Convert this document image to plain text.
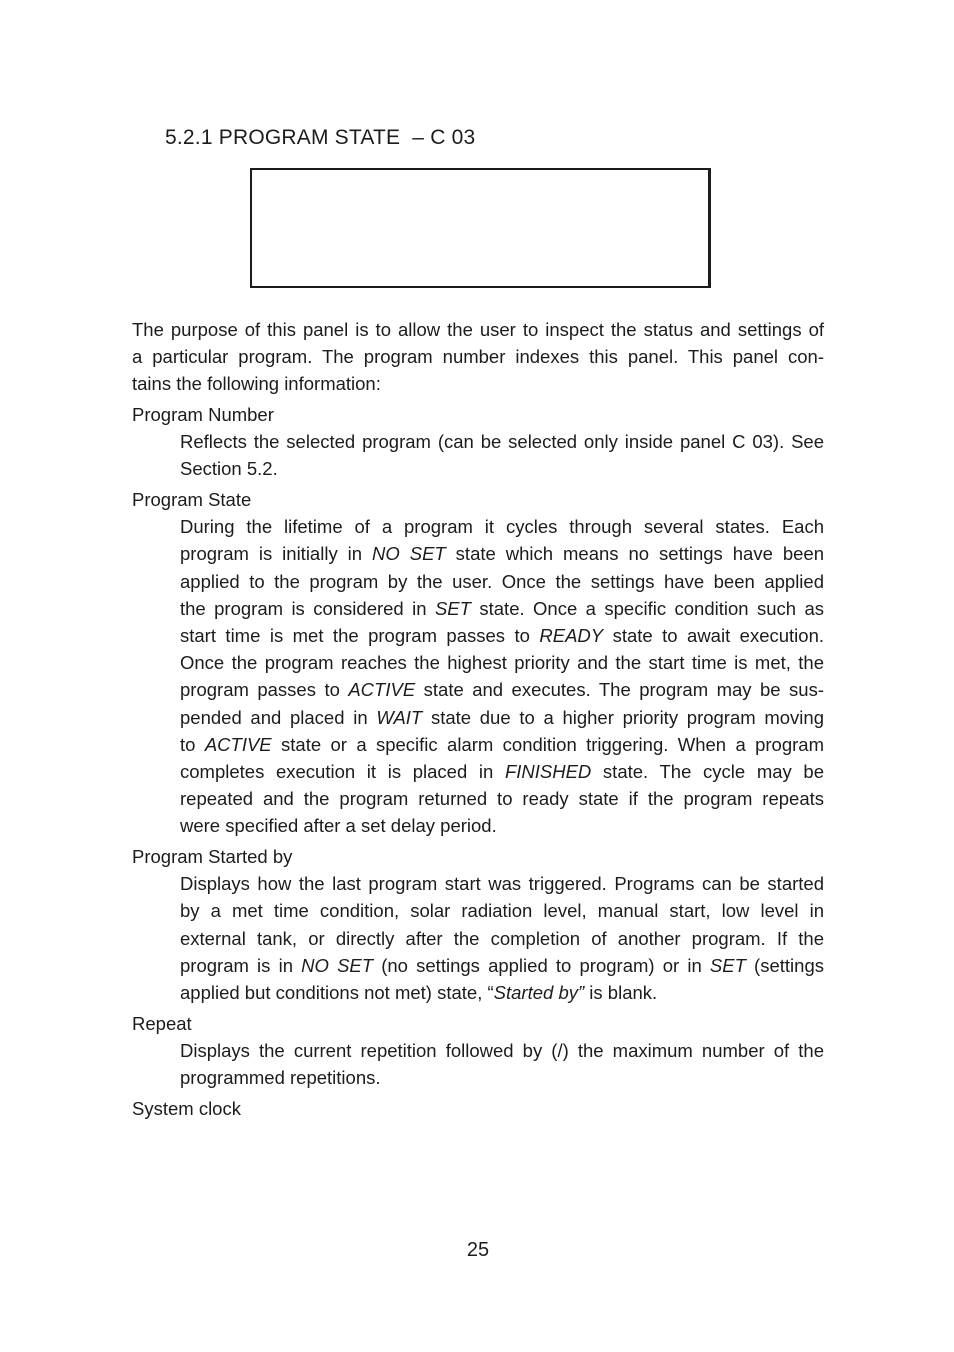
5.2.1 PROGRAM STATE  – C 03
The purpose of this panel is to allow the user to inspect the status and settings of
a particular program. The program number indexes this panel. This panel con-
tains the following information:
Program Number
Reflects the selected program (can be selected only inside panel C 03). See
Section 5.2.
Program State
During the lifetime of a program it cycles through several states. Each
program is initially in NO SET state which means no settings have been
applied to the program by the user. Once the settings have been applied
the program is considered in SET state. Once a specific condition such as
start time is met the program passes to READY state to await execution.
Once the program reaches the highest priority and the start time is met, the
program passes to ACTIVE state and executes. The program may be sus-
pended and placed in WAIT state due to a higher priority program moving
to ACTIVE state or a specific alarm condition triggering. When a program
completes execution it is placed in FINISHED state. The cycle may be
repeated and the program returned to ready state if the program repeats
were specified after a set delay period.
Program Started by
Displays how the last program start was triggered. Programs can be started
by a met time condition, solar radiation level, manual start, low level in
external tank, or directly after the completion of another program. If the
program is in NO SET (no settings applied to program) or in SET (settings
applied but conditions not met) state, “Started by” is blank.
Repeat
Displays the current repetition followed by (/) the maximum number of the
programmed repetitions.
System clock
25
